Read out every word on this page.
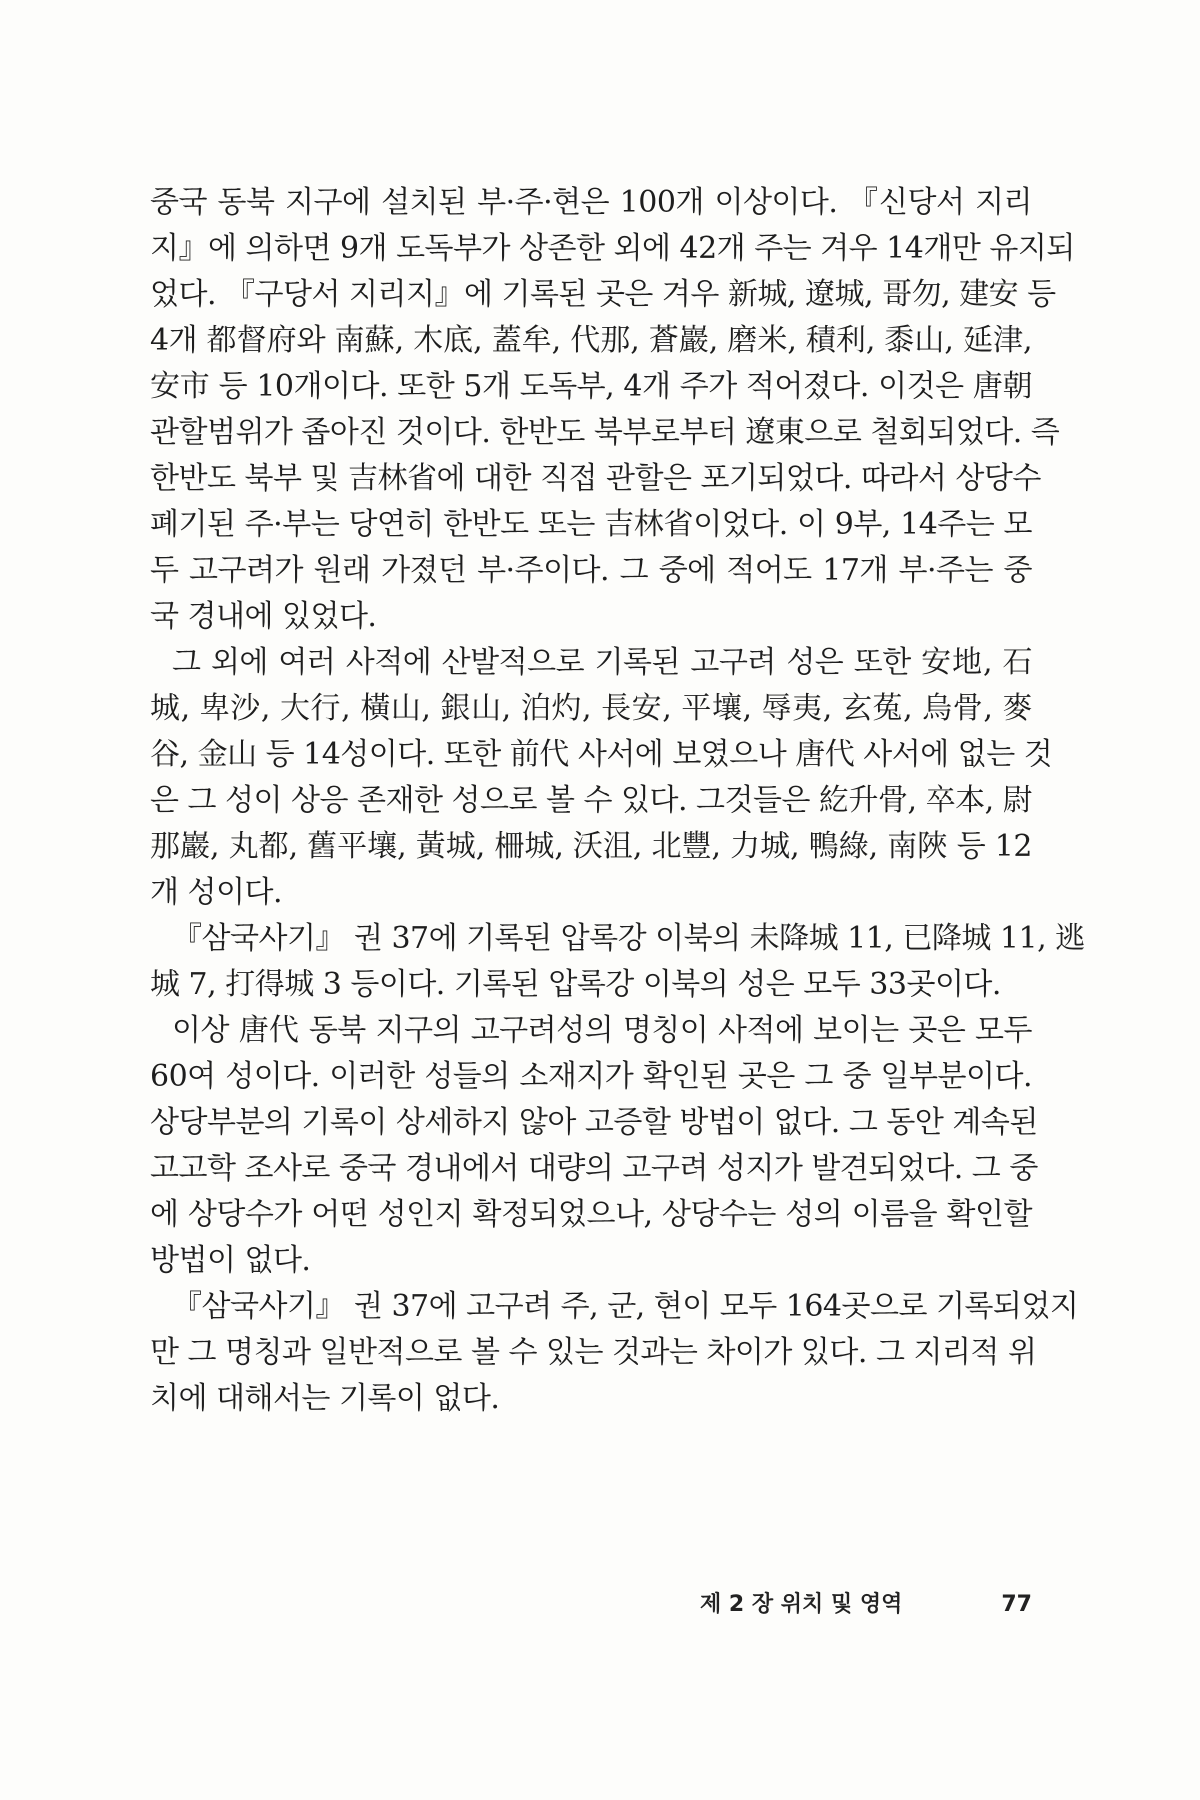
중국 동북 지구에 설치된 부·주·현은 100개 이상이다. 『신당서 지리
지』에 의하면 9개 도독부가 상존한 외에 42개 주는 겨우 14개만 유지되
었다. 『구당서 지리지』에 기록된 곳은 겨우 新城, 遼城, 哥勿, 建安 등
4개 都督府와 南蘇, 木底, 蓋牟, 代那, 蒼巖, 磨米, 積利, 黍山, 延津,
安市 등 10개이다. 또한 5개 도독부, 4개 주가 적어졌다. 이것은 唐朝
관할범위가 좁아진 것이다. 한반도 북부로부터 遼東으로 철회되었다. 즉
한반도 북부 및 吉林省에 대한 직접 관할은 포기되었다. 따라서 상당수
폐기된 주·부는 당연히 한반도 또는 吉林省이었다. 이 9부, 14주는 모
두 고구려가 원래 가졌던 부·주이다. 그 중에 적어도 17개 부·주는 중
국 경내에 있었다.
그 외에 여러 사적에 산발적으로 기록된 고구려 성은 또한 安地, 石
城, 卑沙, 大行, 橫山, 銀山, 泊灼, 長安, 平壤, 辱夷, 玄菟, 烏骨, 麥
谷, 金山 등 14성이다. 또한 前代 사서에 보였으나 唐代 사서에 없는 것
은 그 성이 상응 존재한 성으로 볼 수 있다. 그것들은 紇升骨, 卒本, 尉
那巖, 丸都, 舊平壤, 黃城, 柵城, 沃沮, 北豐, 力城, 鴨綠, 南陜 등 12
개 성이다.
『삼국사기』 권 37에 기록된 압록강 이북의 未降城 11, 已降城 11, 逃
城 7, 打得城 3 등이다. 기록된 압록강 이북의 성은 모두 33곳이다.
이상 唐代 동북 지구의 고구려성의 명칭이 사적에 보이는 곳은 모두
60여 성이다. 이러한 성들의 소재지가 확인된 곳은 그 중 일부분이다.
상당부분의 기록이 상세하지 않아 고증할 방법이 없다. 그 동안 계속된
고고학 조사로 중국 경내에서 대량의 고구려 성지가 발견되었다. 그 중
에 상당수가 어떤 성인지 확정되었으나, 상당수는 성의 이름을 확인할
방법이 없다.
『삼국사기』 권 37에 고구려 주, 군, 현이 모두 164곳으로 기록되었지
만 그 명칭과 일반적으로 볼 수 있는 것과는 차이가 있다. 그 지리적 위
치에 대해서는 기록이 없다.
제 2 장 위치 및 영역	77
